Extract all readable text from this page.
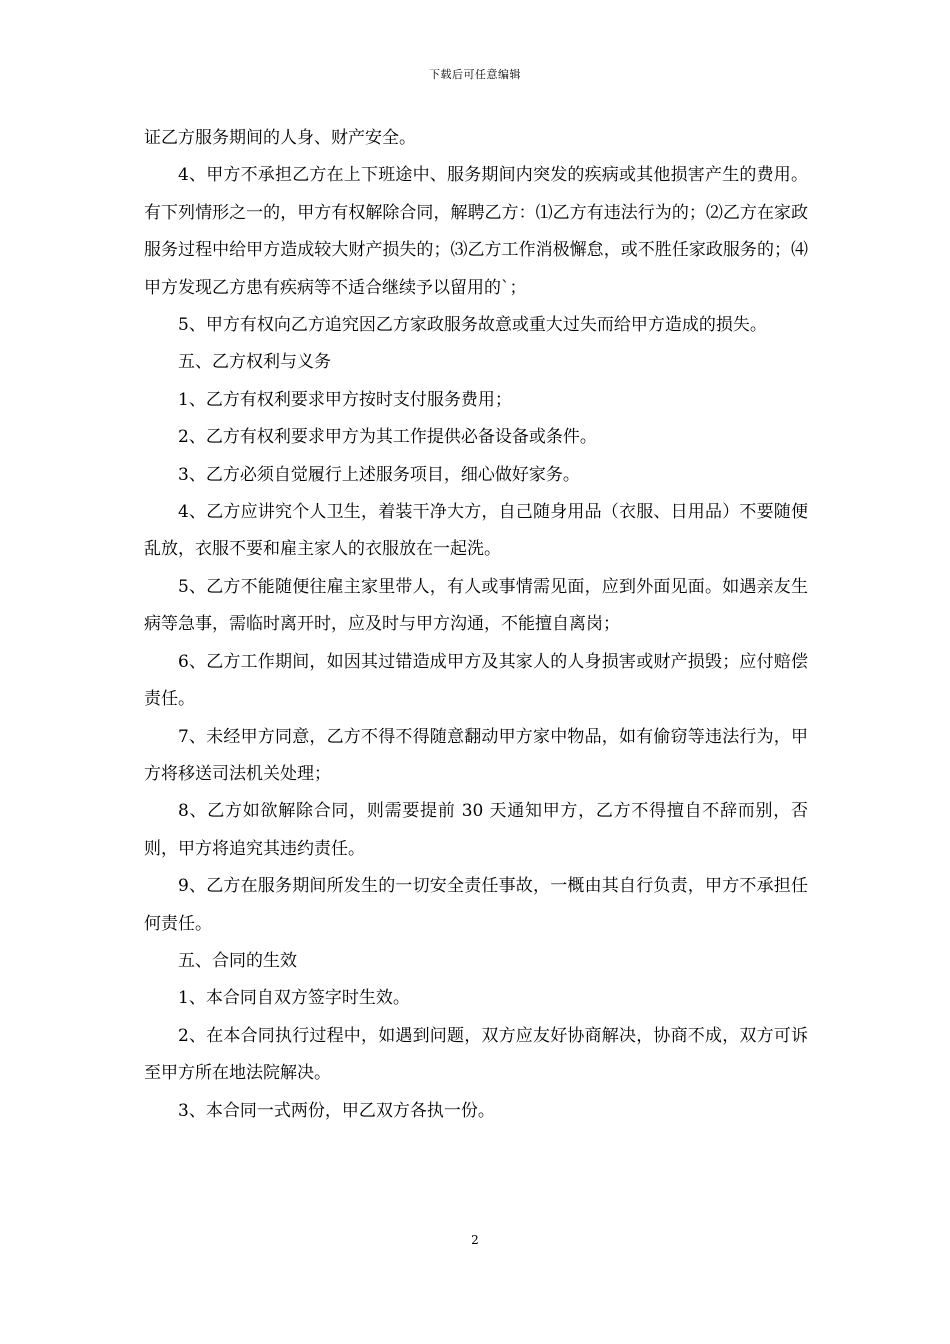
下载后可任意编辑

证乙方服务期间的人身、财产安全。

4、甲方不承担乙方在上下班途中、服务期间内突发的疾病或其他损害产生的费用。有下列情形之一的，甲方有权解除合同，解聘乙方：⑴乙方有违法行为的；⑵乙方在家政服务过程中给甲方造成较大财产损失的；⑶乙方工作消极懈怠，或不胜任家政服务的；⑷甲方发现乙方患有疾病等不适合继续予以留用的`；

5、甲方有权向乙方追究因乙方家政服务故意或重大过失而给甲方造成的损失。

五、乙方权利与义务

1、乙方有权利要求甲方按时支付服务费用；

2、乙方有权利要求甲方为其工作提供必备设备或条件。

3、乙方必须自觉履行上述服务项目，细心做好家务。

4、乙方应讲究个人卫生，着装干净大方，自己随身用品（衣服、日用品）不要随便乱放，衣服不要和雇主家人的衣服放在一起洗。

5、乙方不能随便往雇主家里带人，有人或事情需见面，应到外面见面。如遇亲友生病等急事，需临时离开时，应及时与甲方沟通，不能擅自离岗；

6、乙方工作期间，如因其过错造成甲方及其家人的人身损害或财产损毁；应付赔偿责任。

7、未经甲方同意，乙方不得不得随意翻动甲方家中物品，如有偷窃等违法行为，甲方将移送司法机关处理；

8、乙方如欲解除合同，则需要提前 30 天通知甲方，乙方不得擅自不辞而别，否则，甲方将追究其违约责任。

9、乙方在服务期间所发生的一切安全责任事故，一概由其自行负责，甲方不承担任何责任。

五、合同的生效

1、本合同自双方签字时生效。

2、在本合同执行过程中，如遇到问题，双方应友好协商解决，协商不成，双方可诉至甲方所在地法院解决。

3、本合同一式两份，甲乙双方各执一份。

2
